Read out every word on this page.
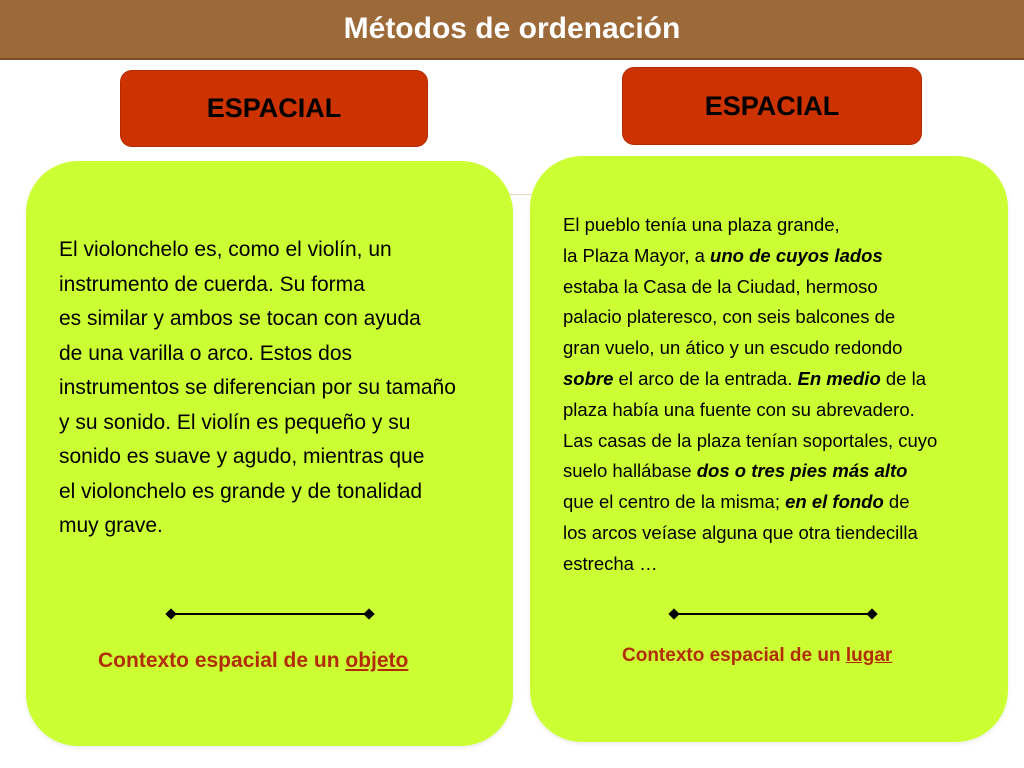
Métodos de ordenación
ESPACIAL	ESPACIAL
El violonchelo es, como el violín, un
instrumento de cuerda. Su forma
es similar y ambos se tocan con ayuda
de una varilla o arco. Estos dos
instrumentos se diferencian por su tamaño
y su sonido. El violín es pequeño y su
sonido es suave y agudo, mientras que
el violonchelo es grande y de tonalidad
muy grave.
Contexto espacial de un objeto
El pueblo tenía una plaza grande,
la Plaza Mayor, a uno de cuyos lados
estaba la Casa de la Ciudad, hermoso
palacio plateresco, con seis balcones de
gran vuelo, un ático y un escudo redondo
sobre el arco de la entrada. En medio de la
plaza había una fuente con su abrevadero.
Las casas de la plaza tenían soportales, cuyo
suelo hallábase dos o tres pies más alto
que el centro de la misma; en el fondo de
los arcos veíase alguna que otra tiendecilla
estrecha …
Contexto espacial de un lugar
